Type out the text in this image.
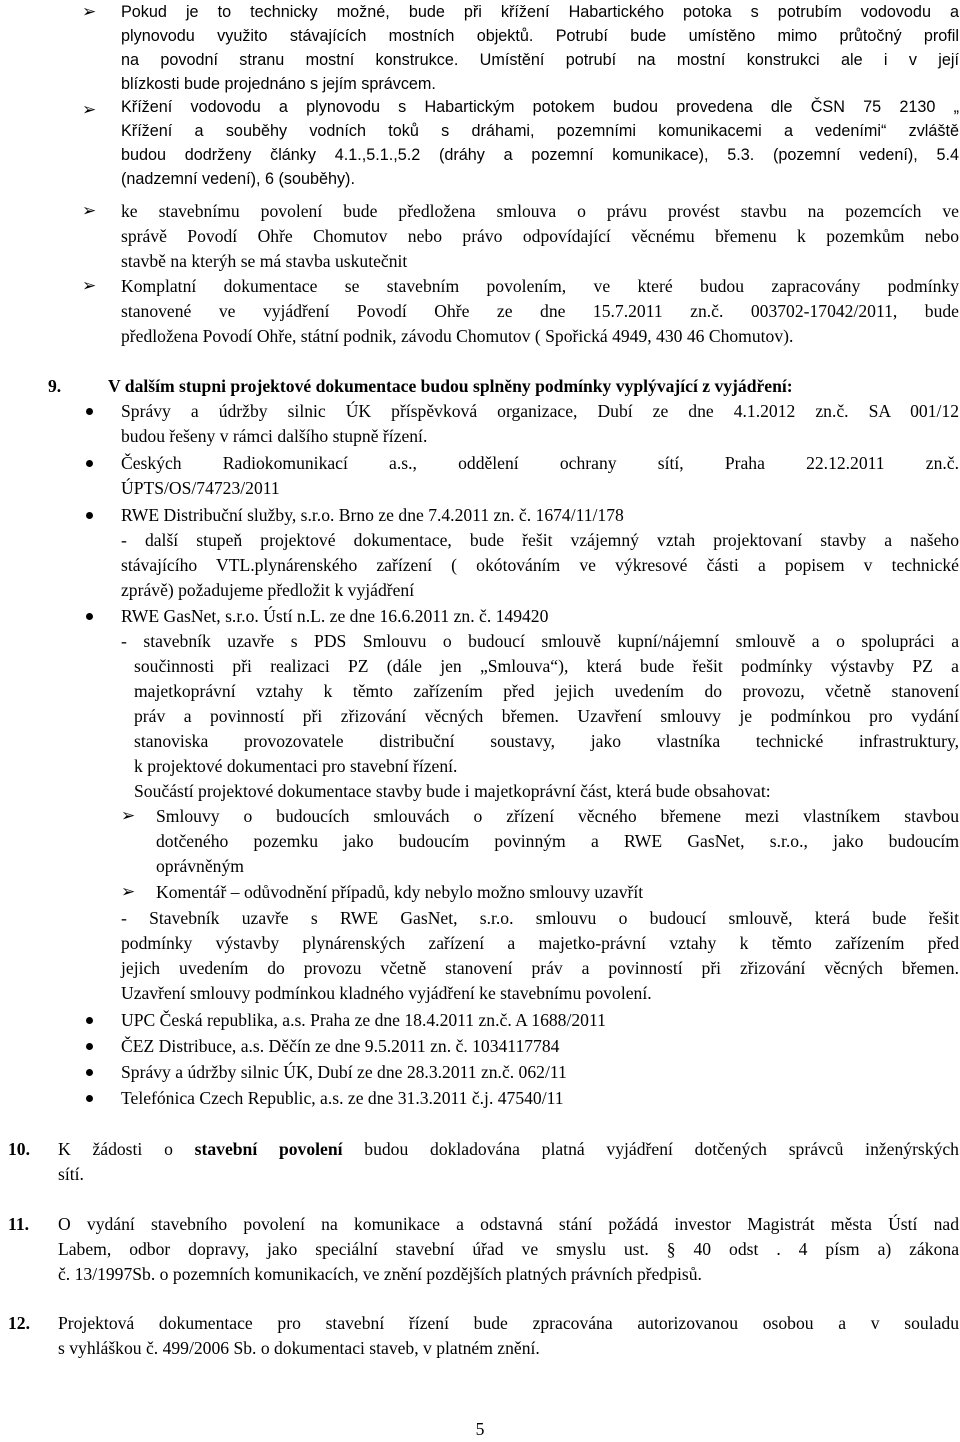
➢ Pokud je to technicky možné, bude při křížení Habartického potoka s potrubím vodovodu a
plynovodu využito stávajících mostních objektů. Potrubí bude umístěno mimo průtočný profil
na povodní stranu mostní konstrukce. Umístění potrubí na mostní konstrukci ale i v její
blízkosti bude projednáno s jejím správcem.
➢ Křížení vodovodu a plynovodu s Habartickým potokem budou provedena dle ČSN 75 2130 „
Křížení a souběhy vodních toků s dráhami, pozemními komunikacemi a vedeními“ zvláště
budou dodrženy články 4.1.,5.1.,5.2 (dráhy a pozemní komunikace), 5.3. (pozemní vedení), 5.4
(nadzemní vedení), 6 (souběhy).
➢ ke stavebnímu povolení bude předložena smlouva o právu provést stavbu na pozemcích ve
správě Povodí Ohře Chomutov nebo právo odpovídající věcnému břemenu k pozemkům nebo
stavbě na kterýh se má stavba uskutečnit
➢ Komplatní dokumentace se stavebním povolením, ve které budou zapracovány podmínky
stanovené ve vyjádření Povodí Ohře ze dne 15.7.2011 zn.č. 003702-17042/2011, bude
předložena Povodí Ohře, státní podnik, závodu Chomutov ( Spořická 4949, 430 46 Chomutov).
9.	V dalším stupni projektové dokumentace budou splněny podmínky vyplývající z vyjádření:
Správy a údržby silnic ÚK příspěvková organizace, Dubí ze dne 4.1.2012 zn.č. SA 001/12
budou řešeny v rámci dalšího stupně řízení.
Českých Radiokomunikací a.s., oddělení ochrany sítí, Praha 22.12.2011 zn.č.
ÚPTS/OS/74723/2011
RWE Distribuční služby, s.r.o. Brno ze dne 7.4.2011 zn. č. 1674/11/178
- další stupeň projektové dokumentace, bude řešit vzájemný vztah projektovaní stavby a našeho
stávajícího VTL.plynárenského zařízení ( okótováním ve výkresové části a popisem v technické
zprávě) požadujeme předložit k vyjádření
RWE GasNet, s.r.o. Ústí n.L. ze dne 16.6.2011 zn. č. 149420
- stavebník uzavře s PDS Smlouvu o budoucí smlouvě kupní/nájemní smlouvě a o spolupráci a
součinnosti při realizaci PZ (dále jen „Smlouva“), která bude řešit podmínky výstavby PZ a
majetkoprávní vztahy k těmto zařízením před jejich uvedením do provozu, včetně stanovení
práv a povinností při zřizování věcných břemen. Uzavření smlouvy je podmínkou pro vydání
stanoviska provozovatele distribuční soustavy, jako vlastníka technické infrastruktury,
k projektové dokumentaci pro stavební řízení.
Součástí projektové dokumentace stavby bude i majetkoprávní část, která bude obsahovat:
➢ Smlouvy o budoucích smlouvách o zřízení věcného břemene mezi vlastníkem stavbou
dotčeného pozemku jako budoucím povinným a RWE GasNet, s.r.o., jako budoucím
oprávněným
➢ Komentář – odůvodnění případů, kdy nebylo možno smlouvy uzavřít
- Stavebník uzavře s RWE GasNet, s.r.o. smlouvu o budoucí smlouvě, která bude řešit
podmínky výstavby plynárenských zařízení a majetko-právní vztahy k těmto zařízením před
jejich uvedením do provozu včetně stanovení práv a povinností při zřizování věcných břemen.
Uzavření smlouvy podmínkou kladného vyjádření ke stavebnímu povolení.
UPC Česká republika, a.s. Praha ze dne 18.4.2011 zn.č. A 1688/2011
ČEZ Distribuce, a.s. Děčín ze dne 9.5.2011 zn. č. 1034117784
Správy a údržby silnic ÚK, Dubí ze dne 28.3.2011 zn.č. 062/11
Telefónica Czech Republic, a.s. ze dne 31.3.2011 č.j. 47540/11
10. K žádosti o stavební povolení budou dokladována platná vyjádření dotčených správců inženýrských
sítí.
11. O vydání stavebního povolení na komunikace a odstavná stání požádá investor Magistrát města Ústí nad
Labem, odbor dopravy, jako speciální stavební úřad ve smyslu ust. § 40 odst . 4 písm a) zákona
č. 13/1997Sb. o pozemních komunikacích, ve znění pozdějších platných právních předpisů.
12. Projektová dokumentace pro stavební řízení bude zpracována autorizovanou osobou a v souladu
s vyhláškou č. 499/2006 Sb. o dokumentaci staveb, v platném znění.
5
